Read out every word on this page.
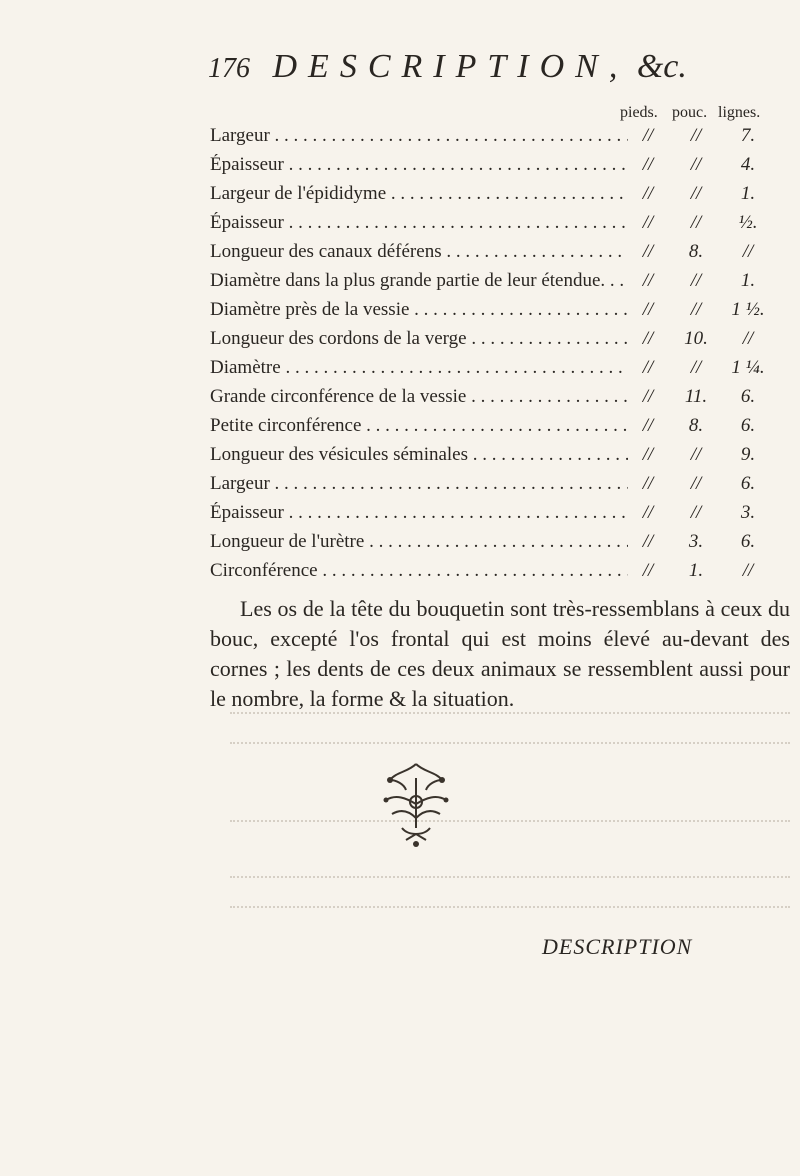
176 DESCRIPTION, &c.
pieds. pouc. lignes.
Largeur . . .	//	//	7.
Épaisseur . . .	//	//	4.
Largeur de l'épididyme . . .	//	//	1.
Épaisseur . . .	//	//	½.
Longueur des canaux déférens . . .	//	8.	//
Diamètre dans la plus grande partie de leur étendue. . . .	//	//	1.
Diamètre près de la vessie . . .	//	//	1 ½.
Longueur des cordons de la verge . . .	//	10.	//
Diamètre . . .	//	//	1 ¼.
Grande circonférence de la vessie . . .	//	11.	6.
Petite circonférence . . .	//	8.	6.
Longueur des vésicules séminales . . .	//	//	9.
Largeur . . .	//	//	6.
Épaisseur . . .	//	//	3.
Longueur de l'urètre . . .	//	3.	6.
Circonférence . . .	//	1.	//

Les os de la tête du bouquetin sont très-ressemblans à ceux du bouc, excepté l'os frontal qui est moins élevé au-devant des cornes ; les dents de ces deux animaux se ressemblent aussi pour le nombre, la forme & la situation.

DESCRIPTION
